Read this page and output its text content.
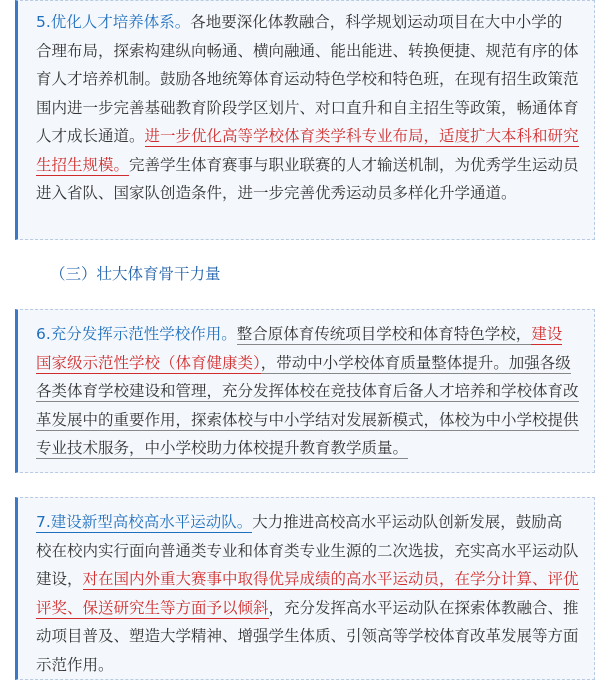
5.优化人才培养体系。各地要深化体教融合，科学规划运动项目在大中小学的
合理布局，探索构建纵向畅通、横向融通、能出能进、转换便捷、规范有序的体
育人才培养机制。鼓励各地统筹体育运动特色学校和特色班，在现有招生政策范
围内进一步完善基础教育阶段学区划片、对口直升和自主招生等政策，畅通体育
人才成长通道。进一步优化高等学校体育类学科专业布局，适度扩大本科和研究
生招生规模。完善学生体育赛事与职业联赛的人才输送机制，为优秀学生运动员
进入省队、国家队创造条件，进一步完善优秀运动员多样化升学通道。

（三）壮大体育骨干力量

6.充分发挥示范性学校作用。整合原体育传统项目学校和体育特色学校，建设
国家级示范性学校（体育健康类），带动中小学校体育质量整体提升。加强各级
各类体育学校建设和管理，充分发挥体校在竞技体育后备人才培养和学校体育改
革发展中的重要作用，探索体校与中小学结对发展新模式，体校为中小学校提供
专业技术服务，中小学校助力体校提升教育教学质量。

7.建设新型高校高水平运动队。大力推进高校高水平运动队创新发展，鼓励高
校在校内实行面向普通类专业和体育类专业生源的二次选拔，充实高水平运动队
建设，对在国内外重大赛事中取得优异成绩的高水平运动员，在学分计算、评优
评奖、保送研究生等方面予以倾斜，充分发挥高水平运动队在探索体教融合、推
动项目普及、塑造大学精神、增强学生体质、引领高等学校体育改革发展等方面
示范作用。
